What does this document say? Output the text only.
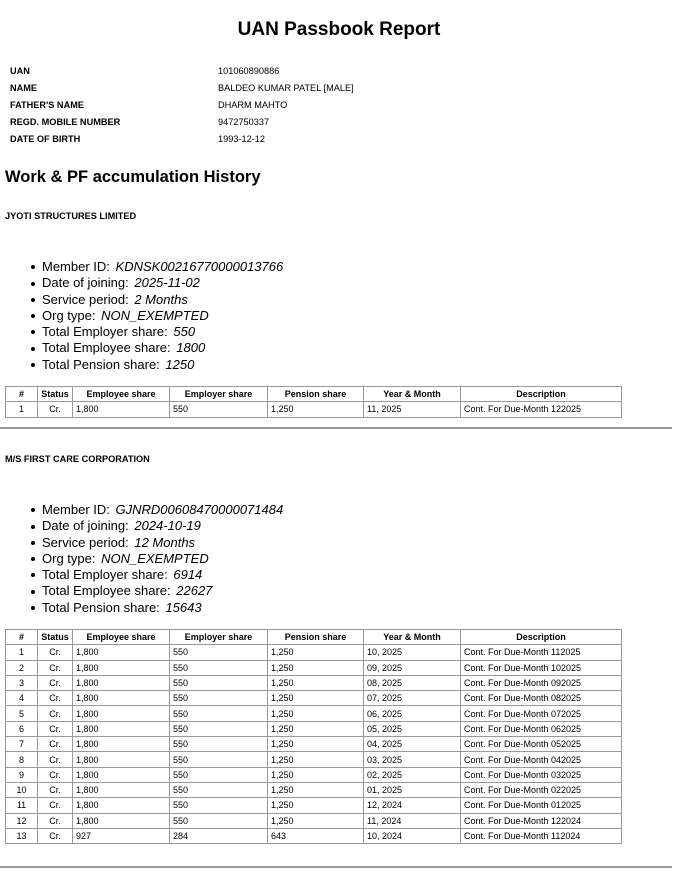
UAN Passbook Report
UAN	101060890886
NAME	BALDEO KUMAR PATEL [MALE]
FATHER'S NAME	DHARM MAHTO
REGD. MOBILE NUMBER	9472750337
DATE OF BIRTH	1993-12-12
Work & PF accumulation History
JYOTI STRUCTURES LIMITED
Member ID: KDNSK00216770000013766
Date of joining: 2025-11-02
Service period: 2 Months
Org type: NON_EXEMPTED
Total Employer share: 550
Total Employee share: 1800
Total Pension share: 1250
#	Status	Employee share	Employer share	Pension share	Year & Month	Description
1	Cr.	1,800	550	1,250	11, 2025	Cont. For Due-Month 122025
M/S FIRST CARE CORPORATION
Member ID: GJNRD00608470000071484
Date of joining: 2024-10-19
Service period: 12 Months
Org type: NON_EXEMPTED
Total Employer share: 6914
Total Employee share: 22627
Total Pension share: 15643
#	Status	Employee share	Employer share	Pension share	Year & Month	Description
1	Cr.	1,800	550	1,250	10, 2025	Cont. For Due-Month 112025
2	Cr.	1,800	550	1,250	09, 2025	Cont. For Due-Month 102025
3	Cr.	1,800	550	1,250	08, 2025	Cont. For Due-Month 092025
4	Cr.	1,800	550	1,250	07, 2025	Cont. For Due-Month 082025
5	Cr.	1,800	550	1,250	06, 2025	Cont. For Due-Month 072025
6	Cr.	1,800	550	1,250	05, 2025	Cont. For Due-Month 062025
7	Cr.	1,800	550	1,250	04, 2025	Cont. For Due-Month 052025
8	Cr.	1,800	550	1,250	03, 2025	Cont. For Due-Month 042025
9	Cr.	1,800	550	1,250	02, 2025	Cont. For Due-Month 032025
10	Cr.	1,800	550	1,250	01, 2025	Cont. For Due-Month 022025
11	Cr.	1,800	550	1,250	12, 2024	Cont. For Due-Month 012025
12	Cr.	1,800	550	1,250	11, 2024	Cont. For Due-Month 122024
13	Cr.	927	284	643	10, 2024	Cont. For Due-Month 112024
